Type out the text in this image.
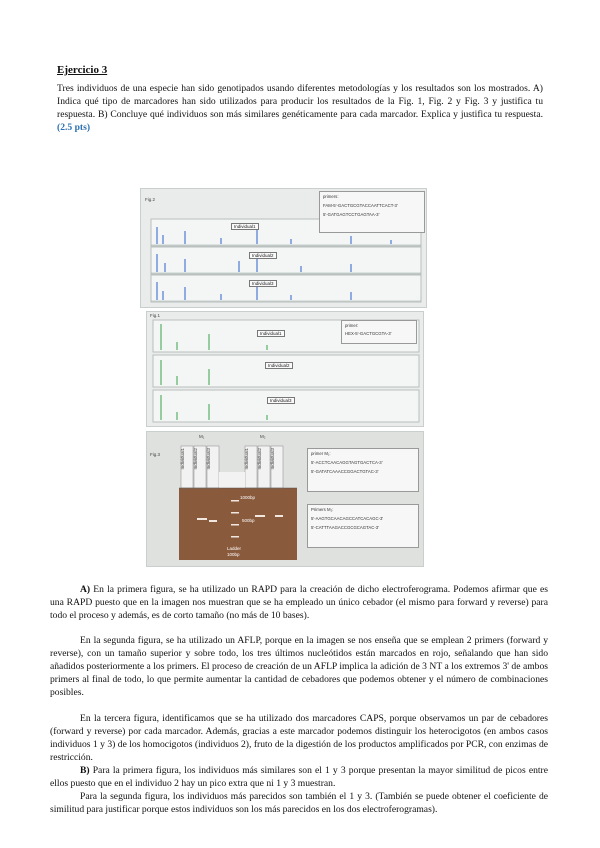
Ejercicio 3
Tres individuos de una especie han sido genotipados usando diferentes metodologías y los resultados son los mostrados. A) Indica qué tipo de marcadores han sido utilizados para producir los resultados de la Fig. 1, Fig. 2 y Fig. 3 y justifica tu respuesta. B) Concluye qué individuos son más similares genéticamente para cada marcador. Explica y justifica tu respuesta. (2.5 pts)
Fig.2
Individual1
Individual2
Individual3
primers:
FAM-5'-GACTGCGTACCAATTCACT-3'
5'-GATGAGTCCTGAGTAA-3'
Fig.1
Individual1
Individual2
Individual3
primer:
HEX-5'-GACTGCGTA-3'
Fig.3
M₁	M₂
Individual1 Individual2 Individual3	Individual1 Individual2 Individual3
1000bp
500bp
Ladder
100bp
primer M₁:
5'-ACCTCAACAGGTAGTGACTCA-3'
5'-GATATCAAACCGGACTGTAC-3'
Primers M₂:
5'-AAGTGCAACAGCCATCACAGC-3'
5'-CATTTAAGACCGCGCAGTAC-3'
A) En la primera figura, se ha utilizado un RAPD para la creación de dicho electroferograma. Podemos afirmar que es una RAPD puesto que en la imagen nos muestran que se ha empleado un único cebador (el mismo para forward y reverse) para todo el proceso y además, es de corto tamaño (no más de 10 bases).
En la segunda figura, se ha utilizado un AFLP, porque en la imagen se nos enseña que se emplean 2 primers (forward y reverse), con un tamaño superior y sobre todo, los tres últimos nucleótidos están marcados en rojo, señalando que han sido añadidos posteriormente a los primers. El proceso de creación de un AFLP implica la adición de 3 NT a los extremos 3' de ambos primers al final de todo, lo que permite aumentar la cantidad de cebadores que podemos obtener y el número de combinaciones posibles.
En la tercera figura, identificamos que se ha utilizado dos marcadores CAPS, porque observamos un par de cebadores (forward y reverse) por cada marcador. Además, gracias a este marcador podemos distinguir los heterocigotos (en ambos casos individuos 1 y 3) de los homocigotos (individuos 2), fruto de la digestión de los productos amplificados por PCR, con enzimas de restricción.
B) Para la primera figura, los individuos más similares son el 1 y 3 porque presentan la mayor similitud de picos entre ellos puesto que en el individuo 2 hay un pico extra que ni 1 y 3 muestran.
Para la segunda figura, los individuos más parecidos son también el 1 y 3. (También se puede obtener el coeficiente de similitud para justificar porque estos individuos son los más parecidos en los dos electroferogramas).
